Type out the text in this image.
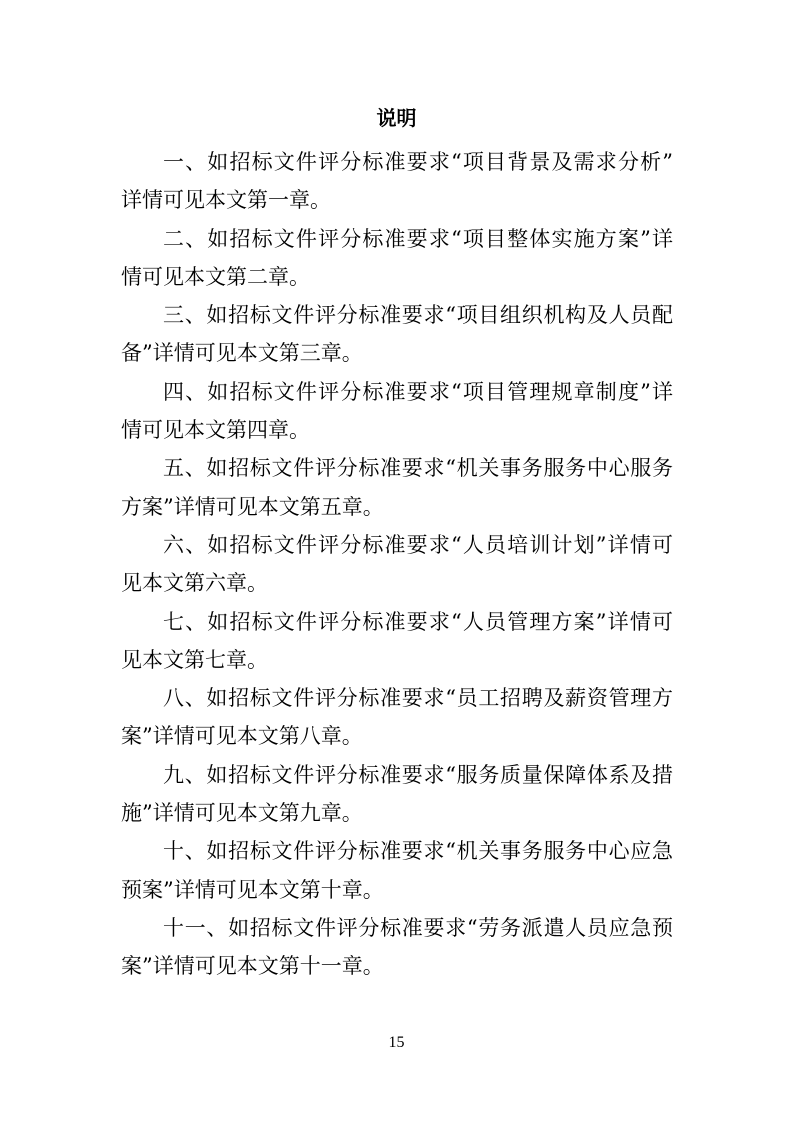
说明
一、如招标文件评分标准要求“项目背景及需求分析”
详情可见本文第一章。
二、如招标文件评分标准要求“项目整体实施方案”详
情可见本文第二章。
三、如招标文件评分标准要求“项目组织机构及人员配
备”详情可见本文第三章。
四、如招标文件评分标准要求“项目管理规章制度”详
情可见本文第四章。
五、如招标文件评分标准要求“机关事务服务中心服务
方案”详情可见本文第五章。
六、如招标文件评分标准要求“人员培训计划”详情可
见本文第六章。
七、如招标文件评分标准要求“人员管理方案”详情可
见本文第七章。
八、如招标文件评分标准要求“员工招聘及薪资管理方
案”详情可见本文第八章。
九、如招标文件评分标准要求“服务质量保障体系及措
施”详情可见本文第九章。
十、如招标文件评分标准要求“机关事务服务中心应急
预案”详情可见本文第十章。
十一、如招标文件评分标准要求“劳务派遣人员应急预
案”详情可见本文第十一章。
15
